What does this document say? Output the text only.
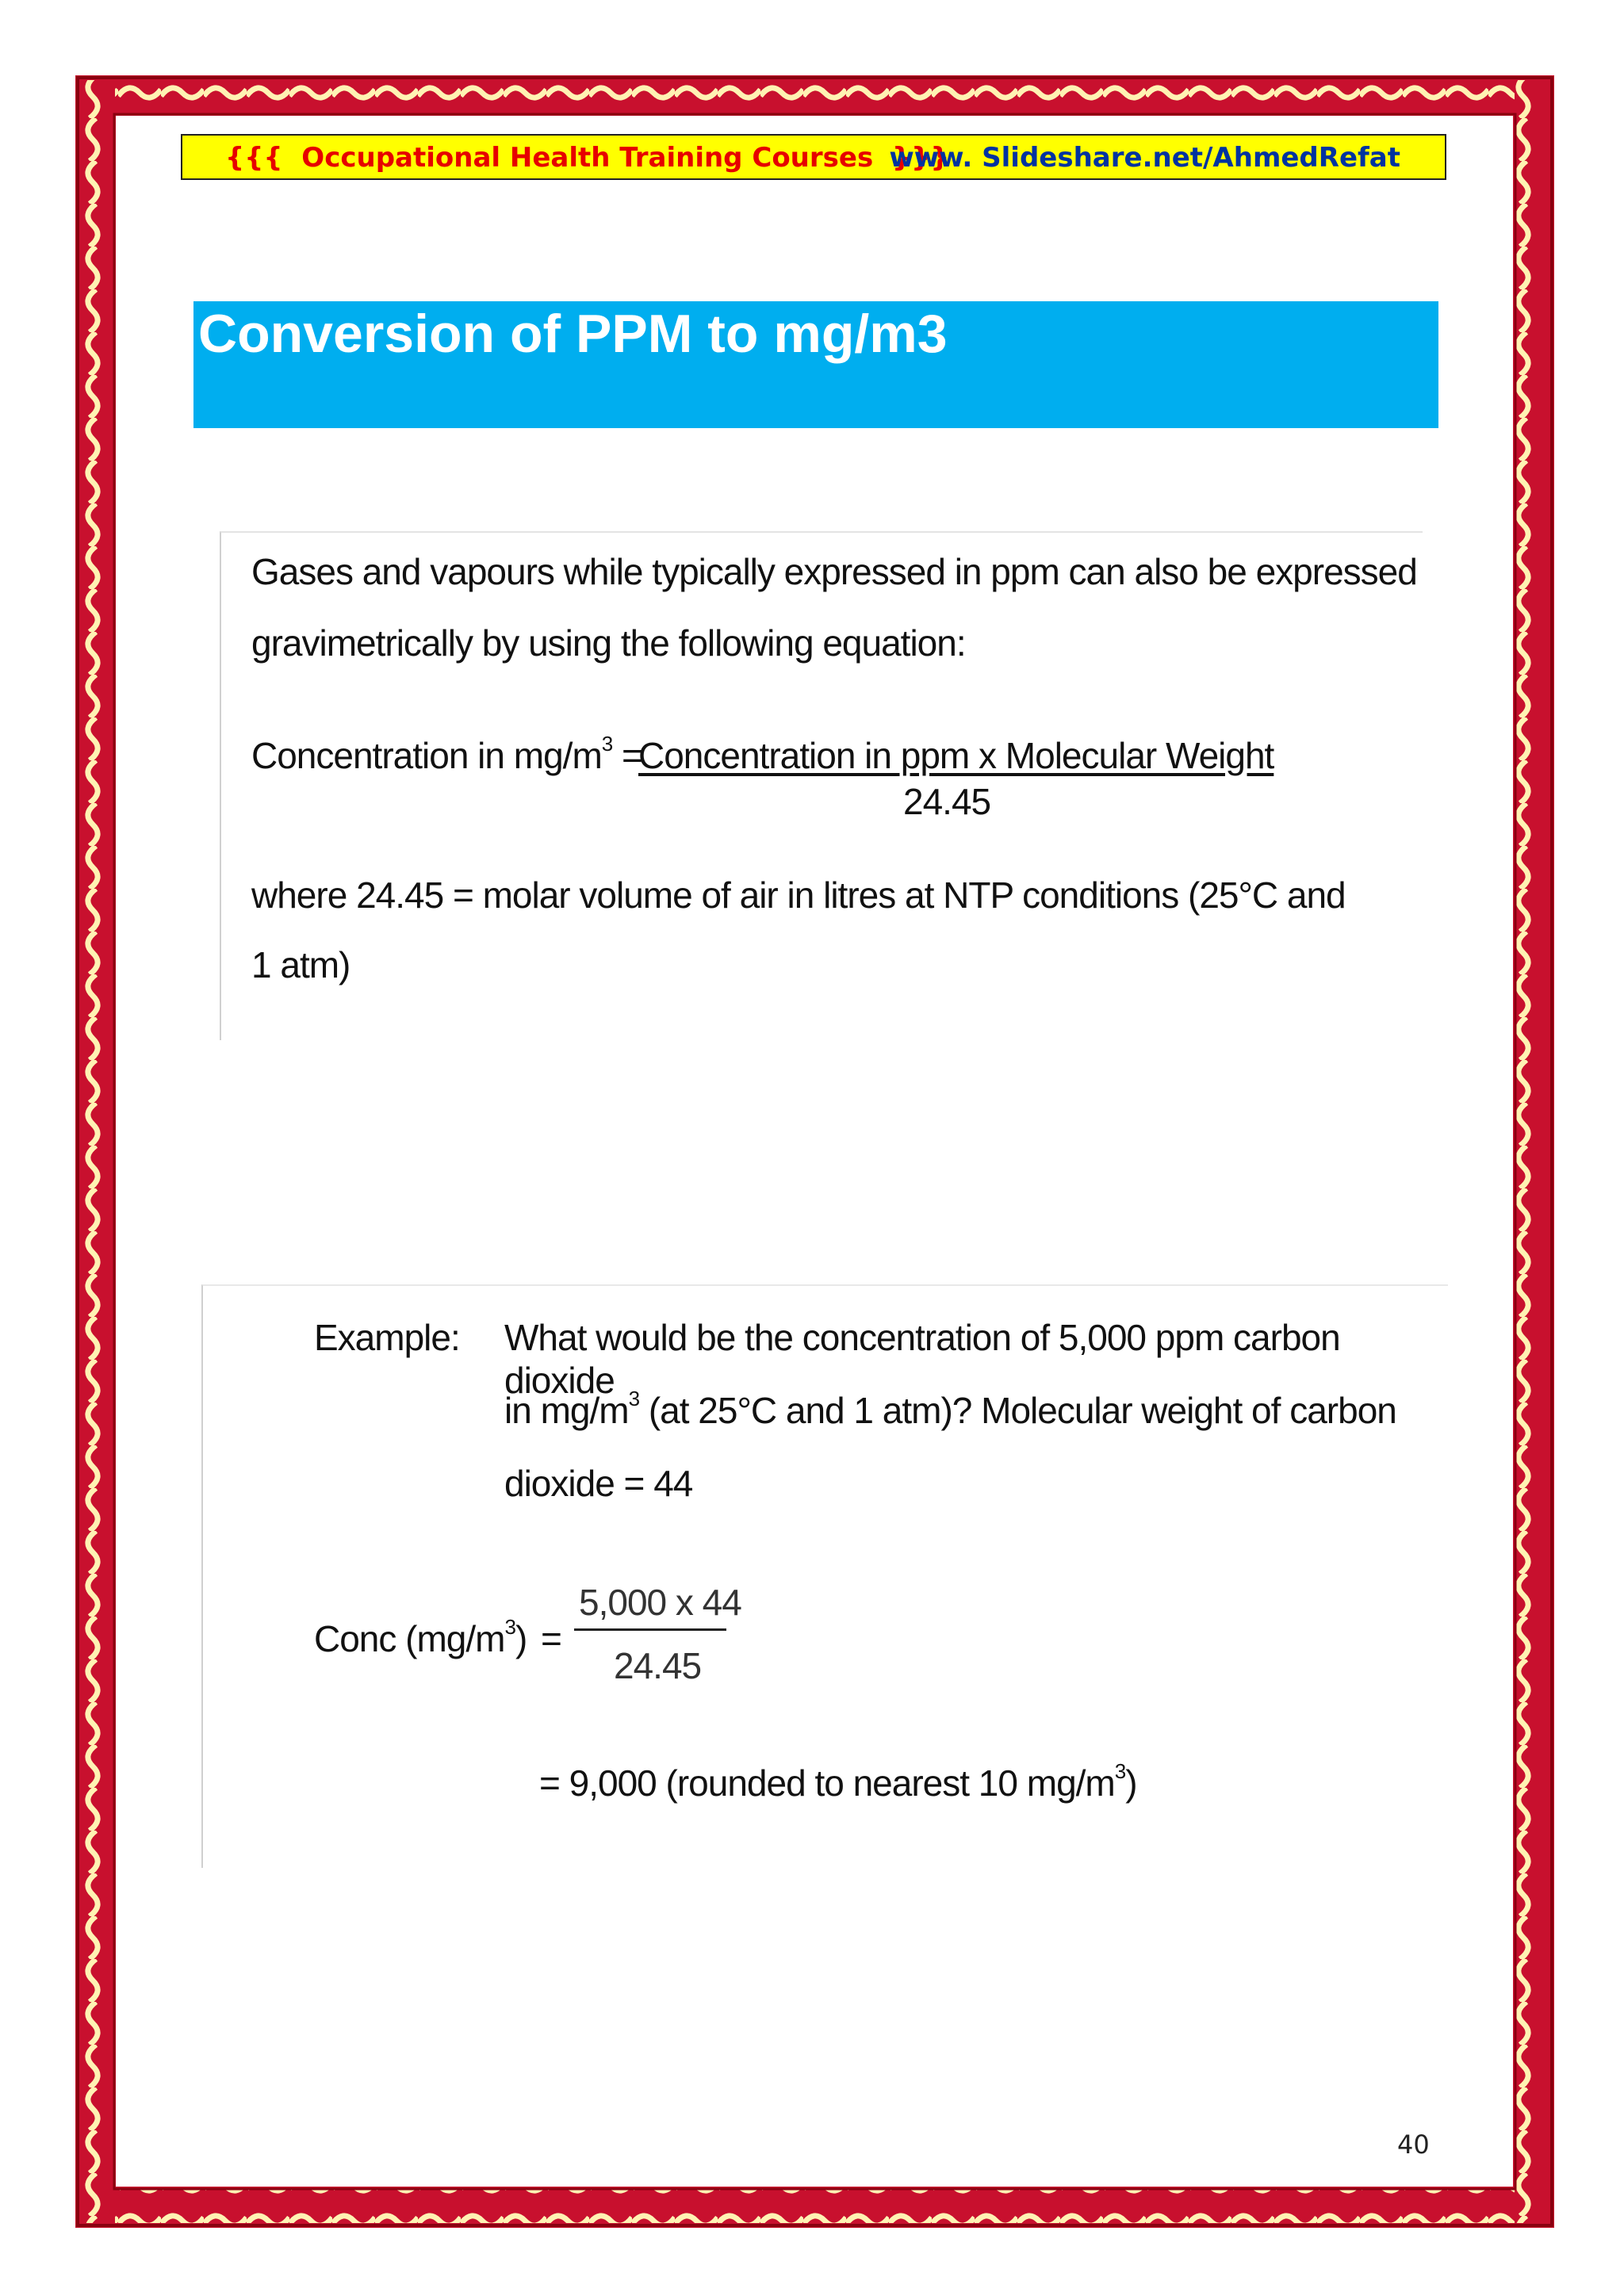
{{{  Occupational Health Training Courses  }}}
www. Slideshare.net/AhmedRefat
Conversion of PPM to mg/m3
Gases and vapours while typically expressed in ppm can also be expressed
gravimetrically by using the following equation:
Concentration in $mg/m^3$ =
Concentration in ppm x Molecular Weight
24.45
where 24.45 = molar volume of air in litres at NTP conditions (25°C and
1 atm)
Example: What would be the concentration of 5,000 ppm carbon dioxide
in $mg/m^3$ (at 25°C and 1 atm)? Molecular weight of carbon
dioxide = 44
Conc $(mg/m^3)$ =
5,000 x 44
24.45
= 9,000 (rounded to nearest 10 $mg/m^3$)
40
